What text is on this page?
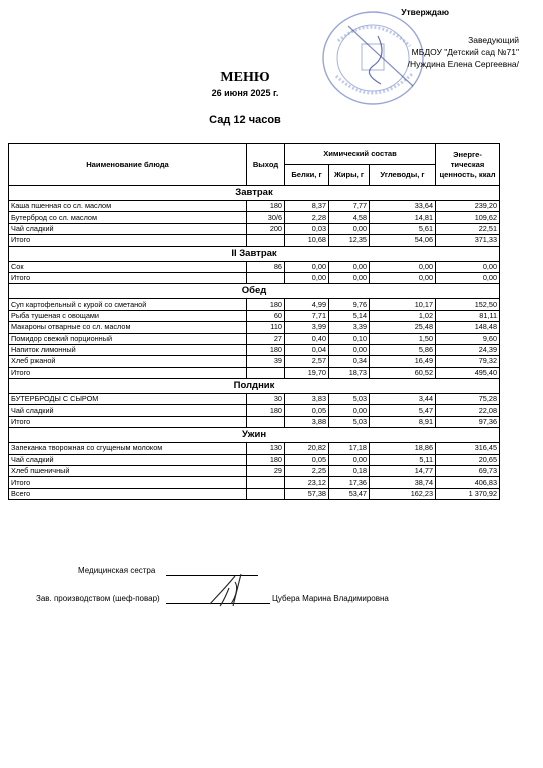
Утверждаю
Заведующий
МБДОУ "Детский сад №71"
/Нуждина Елена Сергеевна/
МЕНЮ
26 июня 2025 г.
Сад 12 часов
Наименование блюда	Выход	Химический состав			Энерге-тическая ценность, ккал
		Белки, г	Жиры, г	Углеводы, г	
Завтрак					
Каша пшенная со сл. маслом	180	8,37	7,77	33,64	239,20
Бутерброд со сл. маслом	30/6	2,28	4,58	14,81	109,62
Чай сладкий	200	0,03	0,00	5,61	22,51
Итого		10,68	12,35	54,06	371,33
II Завтрак					
Сок	86	0,00	0,00	0,00	0,00
Итого		0,00	0,00	0,00	0,00
Обед					
Суп картофельный с курой со сметаной	180	4,99	9,76	10,17	152,50
Рыба тушеная с овощами	60	7,71	5,14	1,02	81,11
Макароны отварные со сл. маслом	110	3,99	3,39	25,48	148,48
Помидор свежий порционный	27	0,40	0,10	1,50	9,60
Напиток лимонный	180	0,04	0,00	5,86	24,39
Хлеб ржаной	39	2,57	0,34	16,49	79,32
Итого		19,70	18,73	60,52	495,40
Полдник					
БУТЕРБРОДЫ С СЫРОМ	30	3,83	5,03	3,44	75,28
Чай сладкий	180	0,05	0,00	5,47	22,08
Итого		3,88	5,03	8,91	97,36
Ужин					
Запеканка творожная со сгущеным молоком	130	20,82	17,18	18,86	316,45
Чай сладкий	180	0,05	0,00	5,11	20,65
Хлеб пшеничный	29	2,25	0,18	14,77	69,73
Итого		23,12	17,36	38,74	406,83
Всего		57,38	53,47	162,23	1 370,92
Медицинская сестра
Зав. производством (шеф-повар)	Цубера Марина Владимировна
